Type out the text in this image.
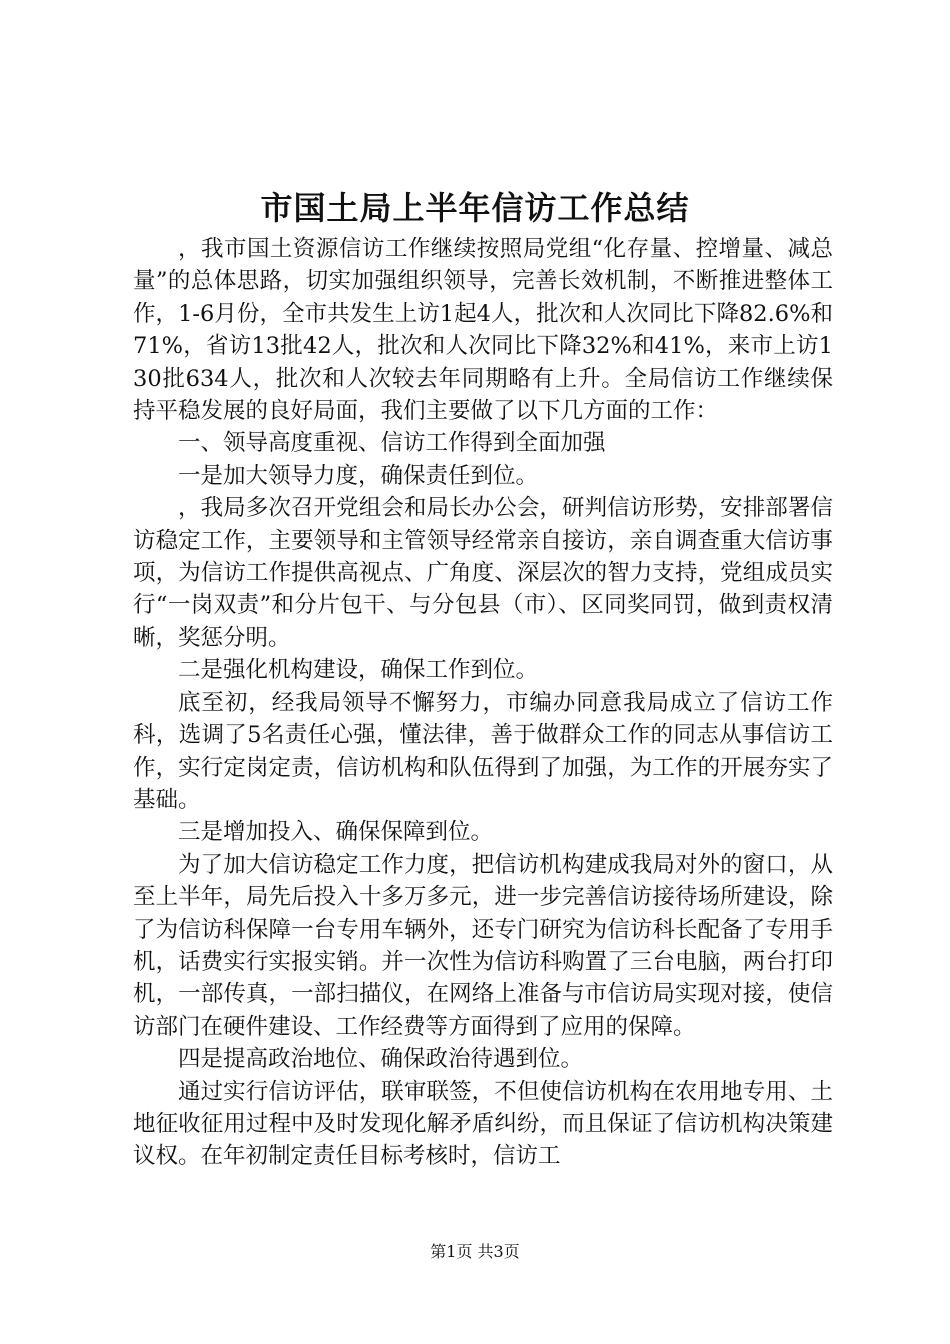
市国土局上半年信访工作总结

，我市国土资源信访工作继续按照局党组“化存量、控增量、减总量”的总体思路，切实加强组织领导，完善长效机制，不断推进整体工作，1-6月份，全市共发生上访1起4人，批次和人次同比下降82.6%和71%，省访13批42人，批次和人次同比下降32%和41%，来市上访130批634人，批次和人次较去年同期略有上升。全局信访工作继续保持平稳发展的良好局面，我们主要做了以下几方面的工作：

一、领导高度重视、信访工作得到全面加强

一是加大领导力度，确保责任到位。

，我局多次召开党组会和局长办公会，研判信访形势，安排部署信访稳定工作，主要领导和主管领导经常亲自接访，亲自调查重大信访事项，为信访工作提供高视点、广角度、深层次的智力支持，党组成员实行“一岗双责”和分片包干、与分包县（市）、区同奖同罚，做到责权清晰，奖惩分明。

二是强化机构建设，确保工作到位。

底至初，经我局领导不懈努力，市编办同意我局成立了信访工作科，选调了5名责任心强，懂法律，善于做群众工作的同志从事信访工作，实行定岗定责，信访机构和队伍得到了加强，为工作的开展夯实了基础。

三是增加投入、确保保障到位。

为了加大信访稳定工作力度，把信访机构建成我局对外的窗口，从至上半年，局先后投入十多万多元，进一步完善信访接待场所建设，除了为信访科保障一台专用车辆外，还专门研究为信访科长配备了专用手机，话费实行实报实销。并一次性为信访科购置了三台电脑，两台打印机，一部传真，一部扫描仪，在网络上准备与市信访局实现对接，使信访部门在硬件建设、工作经费等方面得到了应用的保障。

四是提高政治地位、确保政治待遇到位。

通过实行信访评估，联审联签，不但使信访机构在农用地专用、土地征收征用过程中及时发现化解矛盾纠纷，而且保证了信访机构决策建议权。在年初制定责任目标考核时，信访工

第1页 共3页
